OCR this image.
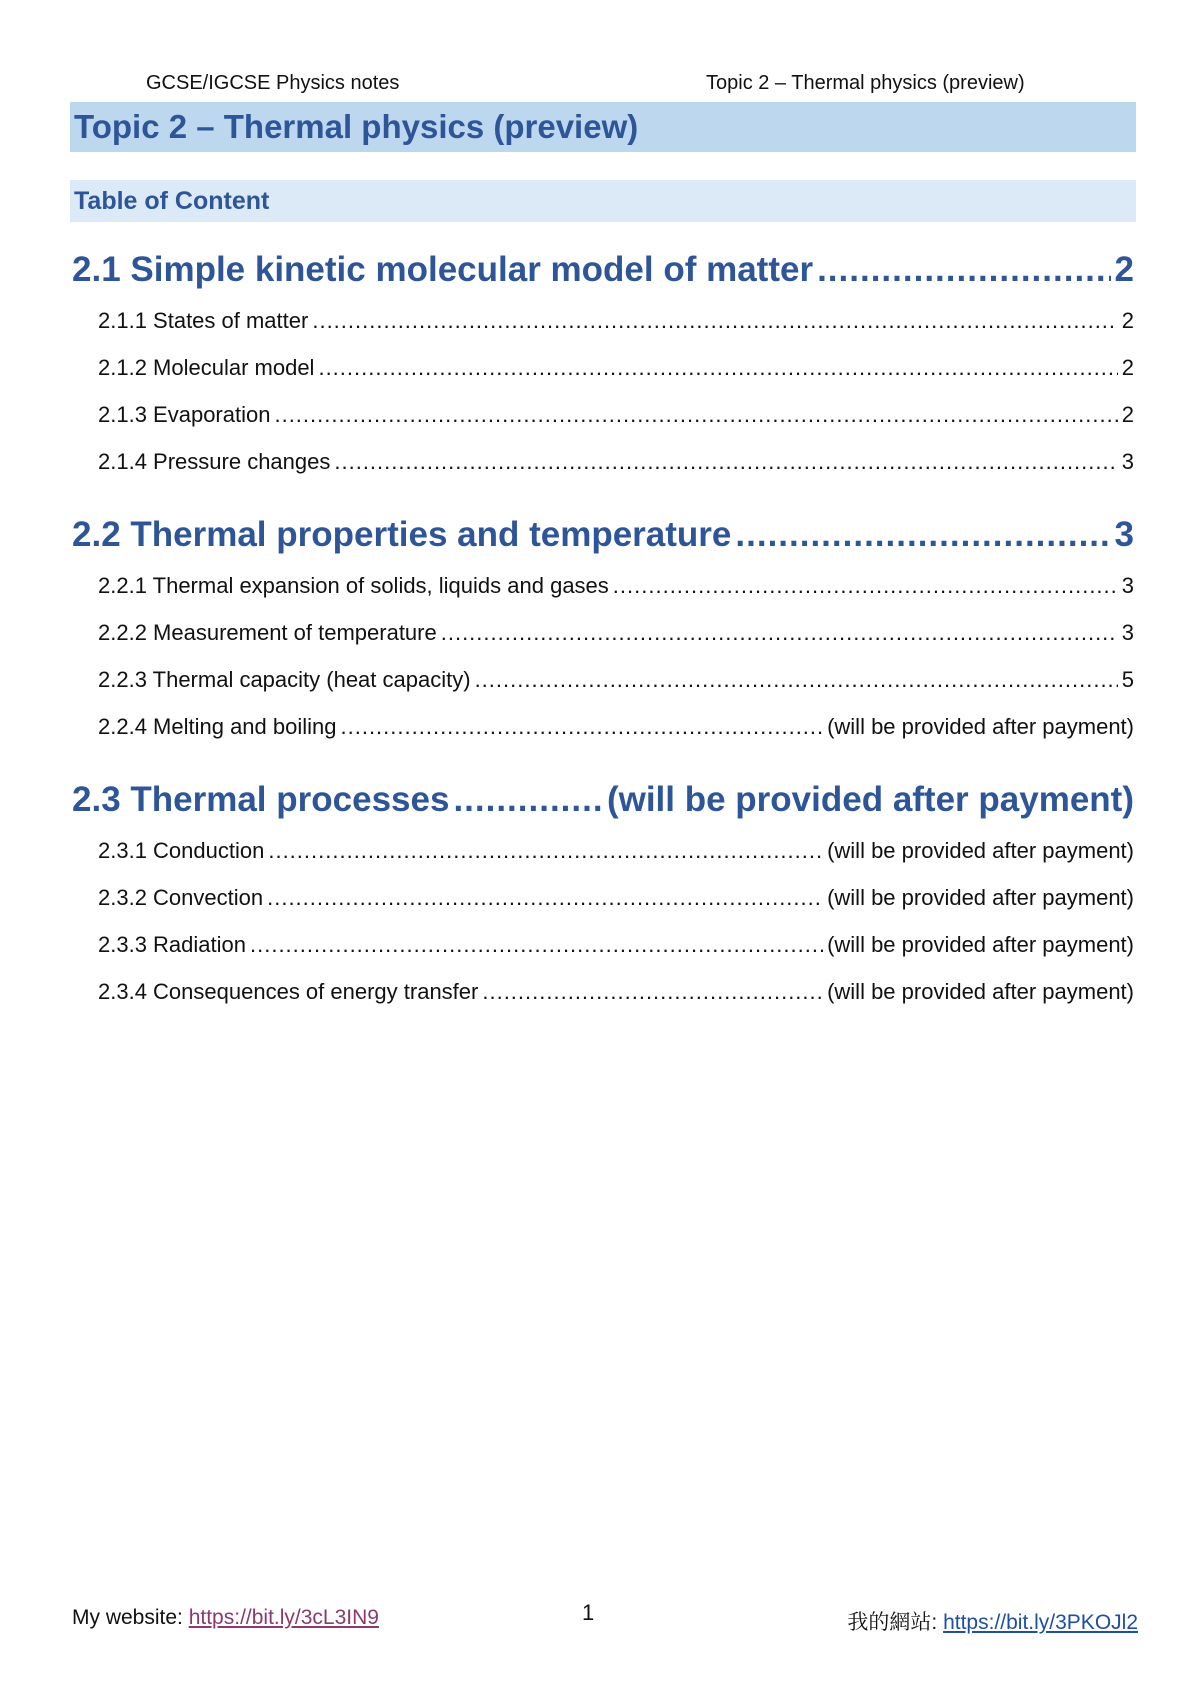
GCSE/IGCSE Physics notes	Topic 2 – Thermal physics (preview)
Topic 2 – Thermal physics (preview)
Table of Content
2.1 Simple kinetic molecular model of matter .....	2
2.1.1 States of matter .....	2
2.1.2 Molecular model .....	2
2.1.3 Evaporation .....	2
2.1.4 Pressure changes .....	3
2.2 Thermal properties and temperature .....	3
2.2.1 Thermal expansion of solids, liquids and gases .....	3
2.2.2 Measurement of temperature .....	3
2.2.3 Thermal capacity (heat capacity) .....	5
2.2.4 Melting and boiling .....	(will be provided after payment)
2.3 Thermal processes .....	(will be provided after payment)
2.3.1 Conduction .....	(will be provided after payment)
2.3.2 Convection .....	(will be provided after payment)
2.3.3 Radiation .....	(will be provided after payment)
2.3.4 Consequences of energy transfer .....	(will be provided after payment)
My website: https://bit.ly/3cL3IN9	1	我的網站: https://bit.ly/3PKOJl2
